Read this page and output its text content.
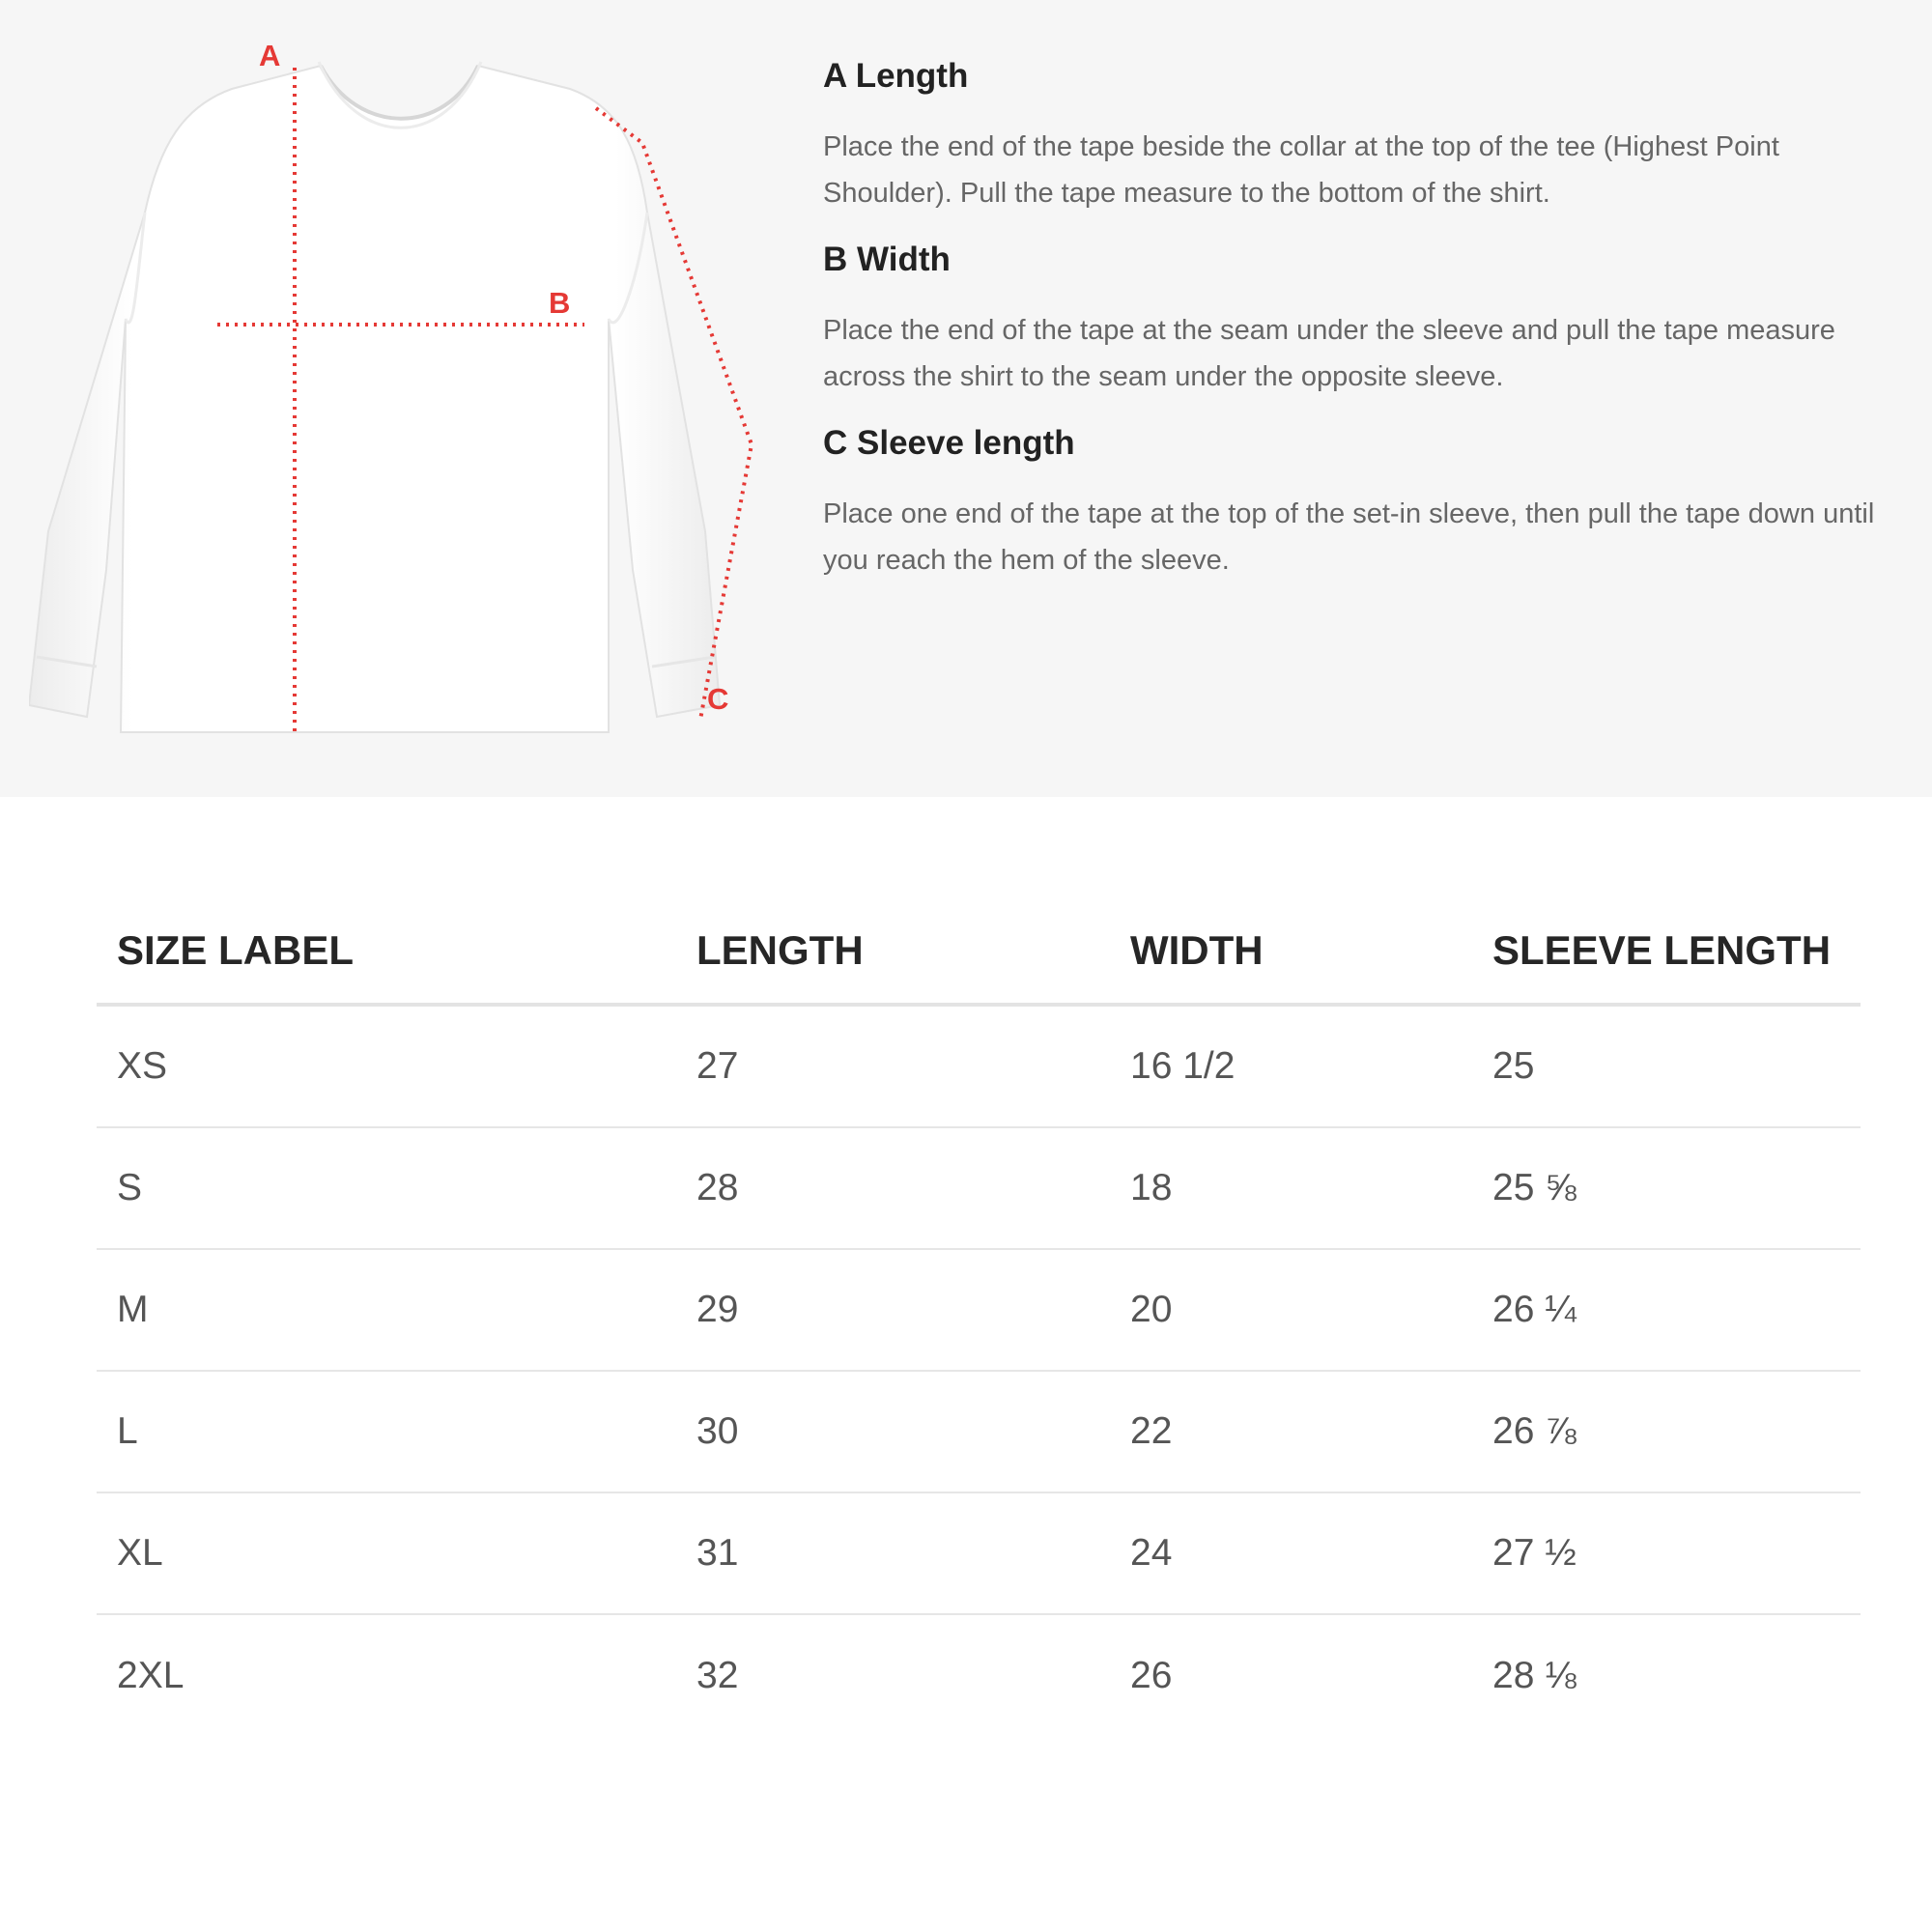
A
B
C
A Length

Place the end of the tape beside the collar at the top of the tee (Highest Point Shoulder). Pull the tape measure to the bottom of the shirt.

B Width

Place the end of the tape at the seam under the sleeve and pull the tape measure across the shirt to the seam under the opposite sleeve.

C Sleeve length

Place one end of the tape at the top of the set-in sleeve, then pull the tape down until you reach the hem of the sleeve.

SIZE LABEL	LENGTH	WIDTH	SLEEVE LENGTH
XS	27	16 1/2	25
S	28	18	25 ⅝
M	29	20	26 ¼
L	30	22	26 ⅞
XL	31	24	27 ½
2XL	32	26	28 ⅛
